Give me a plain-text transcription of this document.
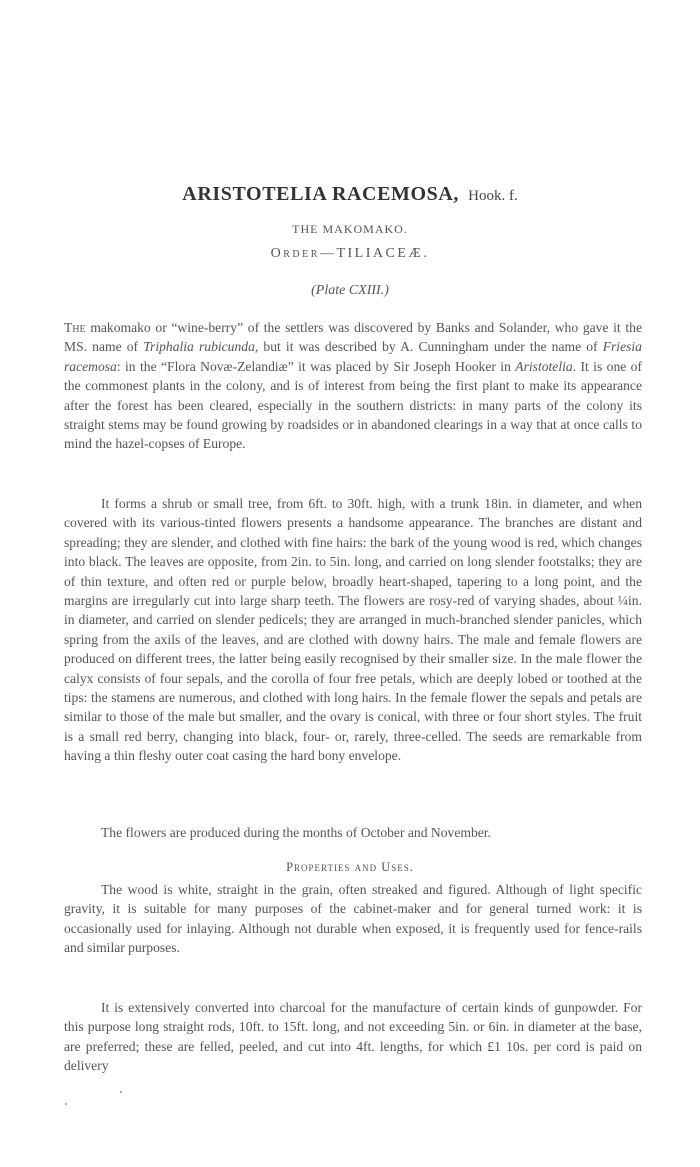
ARISTOTELIA RACEMOSA, Hook. f.
THE MAKOMAKO.
Order—TILIACEÆ.
(Plate CXIII.)

The makomako or “wine-berry” of the settlers was discovered by Banks and Solander, who gave it the MS. name of Triphalia rubicunda, but it was described by A. Cunningham under the name of Friesia racemosa: in the “Flora Novæ-Zelandiæ” it was placed by Sir Joseph Hooker in Aristotelia. It is one of the commonest plants in the colony, and is of interest from being the first plant to make its appearance after the forest has been cleared, especially in the southern districts: in many parts of the colony its straight stems may be found growing by roadsides or in abandoned clearings in a way that at once calls to mind the hazel-copses of Europe.

It forms a shrub or small tree, from 6ft. to 30ft. high, with a trunk 18in. in diameter, and when covered with its various-tinted flowers presents a handsome appearance. The branches are distant and spreading; they are slender, and clothed with fine hairs: the bark of the young wood is red, which changes into black. The leaves are opposite, from 2in. to 5in. long, and carried on long slender footstalks; they are of thin texture, and often red or purple below, broadly heart-shaped, tapering to a long point, and the margins are irregularly cut into large sharp teeth. The flowers are rosy-red of varying shades, about ¼in. in diameter, and carried on slender pedicels; they are arranged in much-branched slender panicles, which spring from the axils of the leaves, and are clothed with downy hairs. The male and female flowers are produced on different trees, the latter being easily recognised by their smaller size. In the male flower the calyx consists of four sepals, and the corolla of four free petals, which are deeply lobed or toothed at the tips: the stamens are numerous, and clothed with long hairs. In the female flower the sepals and petals are similar to those of the male but smaller, and the ovary is conical, with three or four short styles. The fruit is a small red berry, changing into black, four- or, rarely, three-celled. The seeds are remarkable from having a thin fleshy outer coat casing the hard bony envelope.

The flowers are produced during the months of October and November.

Properties and Uses.

The wood is white, straight in the grain, often streaked and figured. Although of light specific gravity, it is suitable for many purposes of the cabinet-maker and for general turned work: it is occasionally used for inlaying. Although not durable when exposed, it is frequently used for fence-rails and similar purposes.

It is extensively converted into charcoal for the manufacture of certain kinds of gunpowder. For this purpose long straight rods, 10ft. to 15ft. long, and not exceeding 5in. or 6in. in diameter at the base, are preferred; these are felled, peeled, and cut into 4ft. lengths, for which £1 10s. per cord is paid on delivery
